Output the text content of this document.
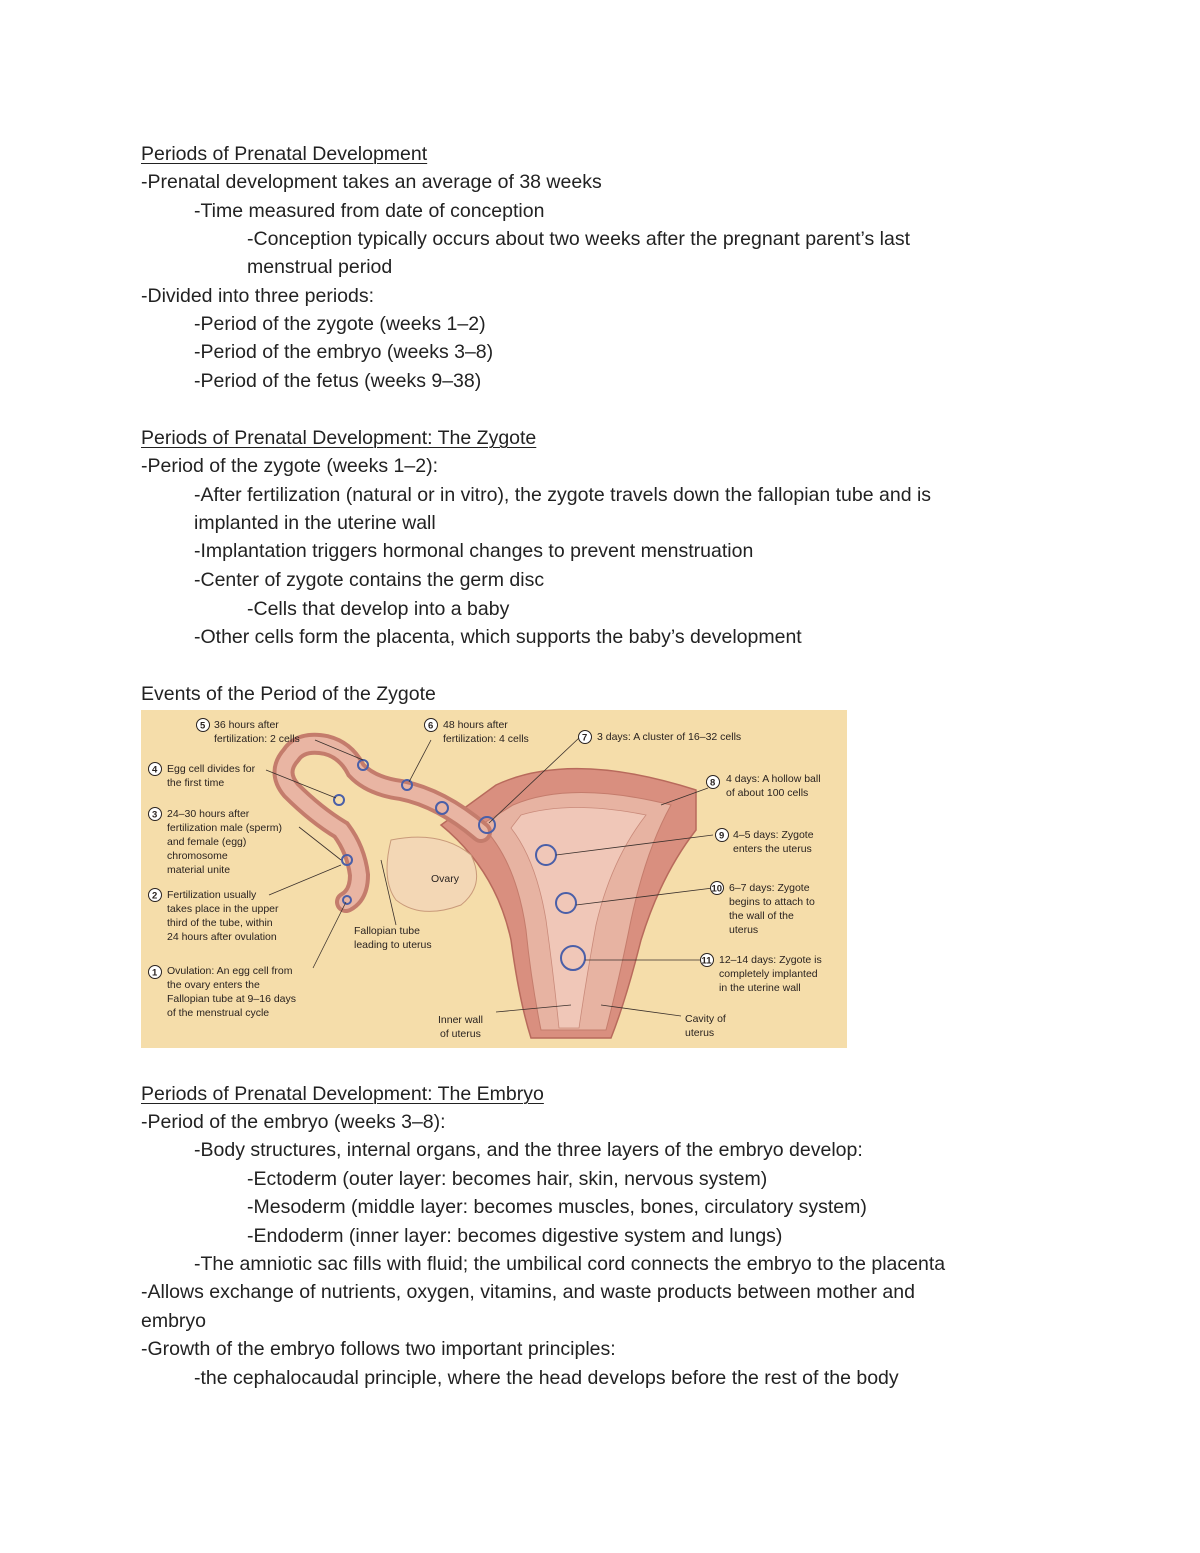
Periods of Prenatal Development
-Prenatal development takes an average of 38 weeks
-Time measured from date of conception
-Conception typically occurs about two weeks after the pregnant parent’s last
menstrual period
-Divided into three periods:
-Period of the zygote (weeks 1–2)
-Period of the embryo (weeks 3–8)
-Period of the fetus (weeks 9–38)
Periods of Prenatal Development: The Zygote
-Period of the zygote (weeks 1–2):
-After fertilization (natural or in vitro), the zygote travels down the fallopian tube and is
implanted in the uterine wall
-Implantation triggers hormonal changes to prevent menstruation
-Center of zygote contains the germ disc
-Cells that develop into a baby
-Other cells form the placenta, which supports the baby’s development
Events of the Period of the Zygote
Ovary
1
2
3
4
5	6
7
8
9
10
11
Ovulation: An egg cell from
the ovary enters the
Fallopian tube at 9–16 days
of the menstrual cycle
Fertilization usually
takes place in the upper
third of the tube, within
24 hours after ovulation
24–30 hours after
fertilization male (sperm)
and female (egg)
chromosome
material unite
Egg cell divides for
the first time
36 hours after
fertilization: 2 cells
48 hours after
fertilization: 4 cells	3 days: A cluster of 16–32 cells
4 days: A hollow ball
of about 100 cells
4–5 days: Zygote
enters the uterus
6–7 days: Zygote
begins to attach to
the wall of the
uterus
12–14 days: Zygote is
completely implanted
in the uterine wall
Fallopian tube
leading to uterus
Inner wall
of uterus
Cavity of
uterus
Periods of Prenatal Development: The Embryo
-Period of the embryo (weeks 3–8):
-Body structures, internal organs, and the three layers of the embryo develop:
-Ectoderm (outer layer: becomes hair, skin, nervous system)
-Mesoderm (middle layer: becomes muscles, bones, circulatory system)
-Endoderm (inner layer: becomes digestive system and lungs)
-The amniotic sac fills with fluid; the umbilical cord connects the embryo to the placenta
-Allows exchange of nutrients, oxygen, vitamins, and waste products between mother and
embryo
-Growth of the embryo follows two important principles:
-the cephalocaudal principle, where the head develops before the rest of the body
